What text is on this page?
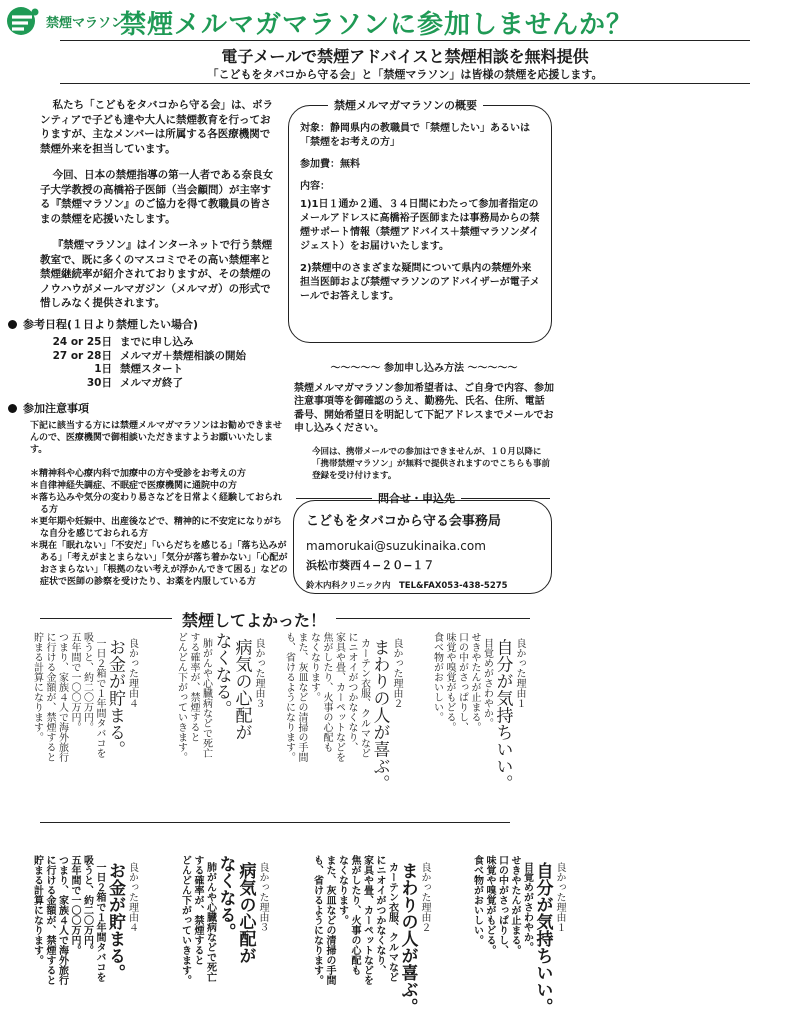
禁煙マラソン
禁煙メルマガマラソンに参加しませんか？
電子メールで禁煙アドバイスと禁煙相談を無料提供
「こどもをタバコから守る会」と「禁煙マラソン」は皆様の禁煙を応援します。

私たち「こどもをタバコから守る会」は、ボランティアで子ども達や大人に禁煙教育を行っておりますが、主なメンバーは所属する各医療機関で禁煙外来を担当しています。

今回、日本の禁煙指導の第一人者である奈良女子大学教授の高橋裕子医師（当会顧問）が主宰する『禁煙マラソン』のご協力を得て教職員の皆さまの禁煙を応援いたします。

『禁煙マラソン』はインターネットで行う禁煙教室で、既に多くのマスコミでその高い禁煙率と禁煙継続率が紹介されておりますが、その禁煙のノウハウがメールマガジン（メルマガ）の形式で惜しみなく提供されます。

参考日程(１日より禁煙したい場合)
24 or 25日 までに申し込み
27 or 28日 メルマガ＋禁煙相談の開始
1日 禁煙スタート
30日 メルマガ終了
参加注意事項
下記に該当する方には禁煙メルマガマラソンはお勧めできませんので、医療機関で御相談いただきますようお願いいたします。
＊精神科や心療内科で加療中の方や受診をお考えの方
＊自律神経失調症、不眠症で医療機関に通院中の方
＊落ち込みや気分の変わり易さなどを日常よく経験しておられる方
＊更年期や妊娠中、出産後などで、精神的に不安定になりがちな自分を感じておられる方
＊現在「眠れない」「不安だ」「いらだちを感じる」「落ち込みがある」「考えがまとまらない」「気分が落ち着かない」「心配がおさまらない」「根拠のない考えが浮かんできて困る」などの症状で医師の診察を受けたり、お薬を内服している方
禁煙メルマガマラソンの概要

対象：静岡県内の教職員で「禁煙したい」あるいは「禁煙をお考えの方」

参加費：無料

内容：

1)1日１通か２通、３４日間にわたって参加者指定のメールアドレスに高橋裕子医師または事務局からの禁煙サポート情報（禁煙アドバイス＋禁煙マラソンダイジェスト）をお届けいたします。

2)禁煙中のさまざまな疑問について県内の禁煙外来担当医師および禁煙マラソンのアドバイザーが電子メールでお答えします。

〜〜〜〜〜 参加申し込み方法 〜〜〜〜〜
禁煙メルマガマラソン参加希望者は、ご自身で内容、参加注意事項等を御確認のうえ、勤務先、氏名、住所、電話番号、開始希望日を明記して下記アドレスまでメールでお申し込みください。
今回は、携帯メールでの参加はできませんが、１０月以降に「携帯禁煙マラソン」が無料で提供されますのでこちらも事前登録を受け付けます。
問合せ・申込先
こどもをタバコから守る会事務局
mamorukai@suzukinaika.com
浜松市葵西４−２０−１７
鈴木内科クリニック内　TEL&FAX053-438-5275
禁煙してよかった！

良かった理由１
自分が気持ちいい。
目覚めがさわやか。
せきやたんが止まる。
口の中がさっぱりし、
味覚や嗅覚がもどる。
食べ物がおいしい。

良かった理由２
まわりの人が喜ぶ。
カーテン衣服、クルマなど
にニオイがつかなくなり、
家具や畳、カーペットなどを
焦がしたり、火事の心配も
なくなります。
また、灰皿などの清掃の手間
も、省けるようになります。

良かった理由３
病気の心配が
なくなる。
肺がんや心臓病などで死亡
する確率が、禁煙すると
どんどん下がっていきます。

良かった理由４
お金が貯まる。
一日２箱で１年間タバコを
吸うと、約二〇万円。
五年間で一〇〇万円。
つまり、家族４人で海外旅行
に行ける金額が、禁煙すると
貯まる計算になります。

良かった理由１
自分が気持ちいい。
目覚めがさわやか。
せきやたんが止まる。
口の中がさっぱりし、
味覚や嗅覚がもどる。
食べ物がおいしい。

良かった理由２
まわりの人が喜ぶ。
カーテン衣服、クルマなど
にニオイがつかなくなり、
家具や畳、カーペットなどを
焦がしたり、火事の心配も
なくなります。
また、灰皿などの清掃の手間
も、省けるようになります。

良かった理由３
病気の心配が
なくなる。
肺がんや心臓病などで死亡
する確率が、禁煙すると
どんどん下がっていきます。

良かった理由４
お金が貯まる。
一日２箱で１年間タバコを
吸うと、約二〇万円。
五年間で一〇〇万円。
つまり、家族４人で海外旅行
に行ける金額が、禁煙すると
貯まる計算になります。
